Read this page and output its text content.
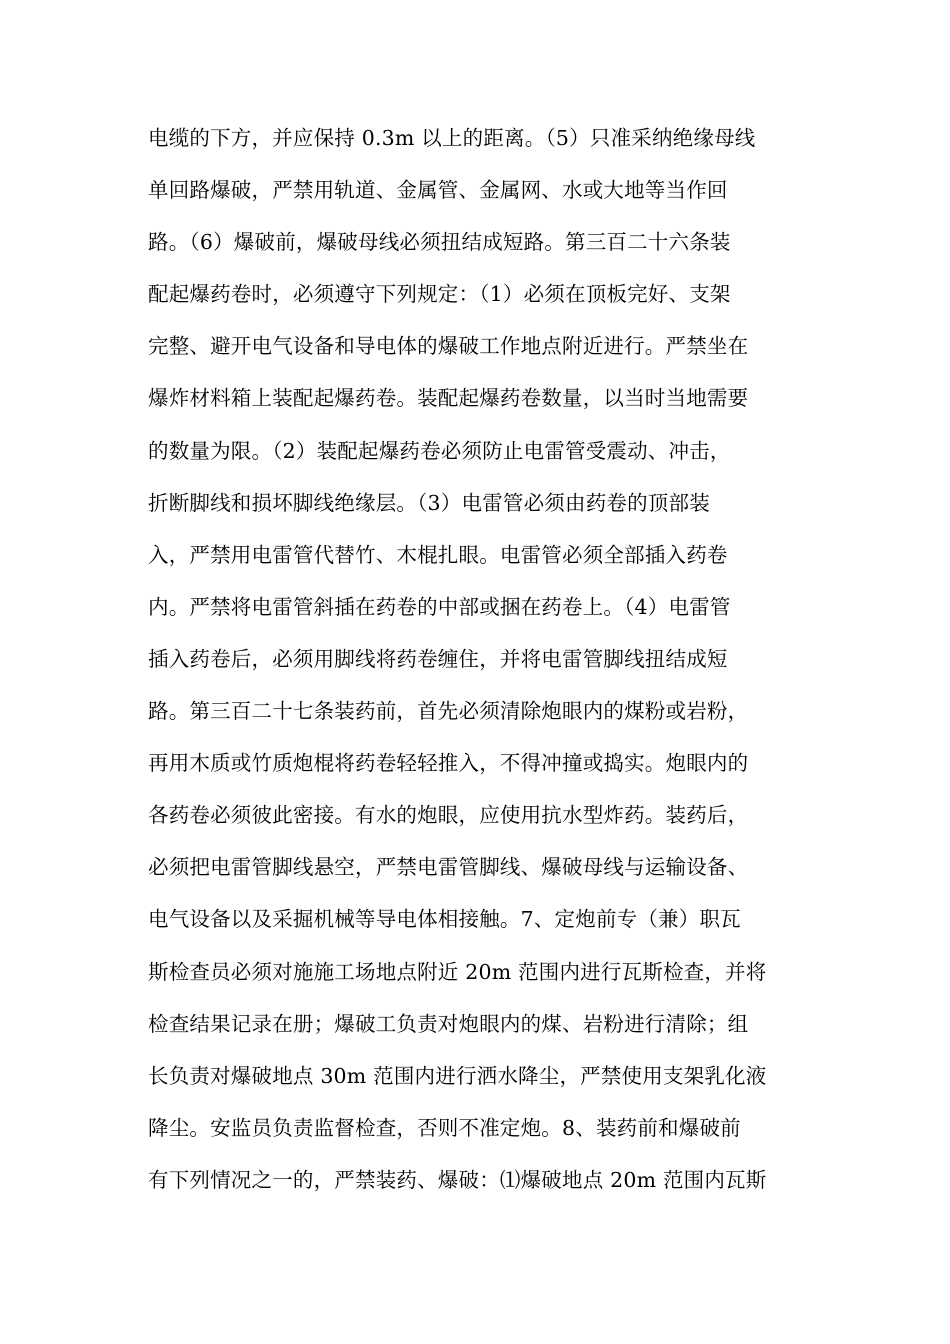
电缆的下方，并应保持 0.3m 以上的距离。（5）只准采纳绝缘母线
单回路爆破，严禁用轨道、金属管、金属网、水或大地等当作回
路。（6）爆破前，爆破母线必须扭结成短路。第三百二十六条装
配起爆药卷时，必须遵守下列规定：（1）必须在顶板完好、支架
完整、避开电气设备和导电体的爆破工作地点附近进行。严禁坐在
爆炸材料箱上装配起爆药卷。装配起爆药卷数量，以当时当地需要
的数量为限。（2）装配起爆药卷必须防止电雷管受震动、冲击，
折断脚线和损坏脚线绝缘层。（3）电雷管必须由药卷的顶部装
入，严禁用电雷管代替竹、木棍扎眼。电雷管必须全部插入药卷
内。严禁将电雷管斜插在药卷的中部或捆在药卷上。（4）电雷管
插入药卷后，必须用脚线将药卷缠住，并将电雷管脚线扭结成短
路。第三百二十七条装药前，首先必须清除炮眼内的煤粉或岩粉，
再用木质或竹质炮棍将药卷轻轻推入，不得冲撞或捣实。炮眼内的
各药卷必须彼此密接。有水的炮眼，应使用抗水型炸药。装药后，
必须把电雷管脚线悬空，严禁电雷管脚线、爆破母线与运输设备、
电气设备以及采掘机械等导电体相接触。7、定炮前专（兼）职瓦
斯检查员必须对施施工场地点附近 20m 范围内进行瓦斯检查，并将
检查结果记录在册；爆破工负责对炮眼内的煤、岩粉进行清除；组
长负责对爆破地点 30m 范围内进行洒水降尘，严禁使用支架乳化液
降尘。安监员负责监督检查，否则不准定炮。8、装药前和爆破前
有下列情况之一的，严禁装药、爆破：⑴爆破地点 20m 范围内瓦斯
